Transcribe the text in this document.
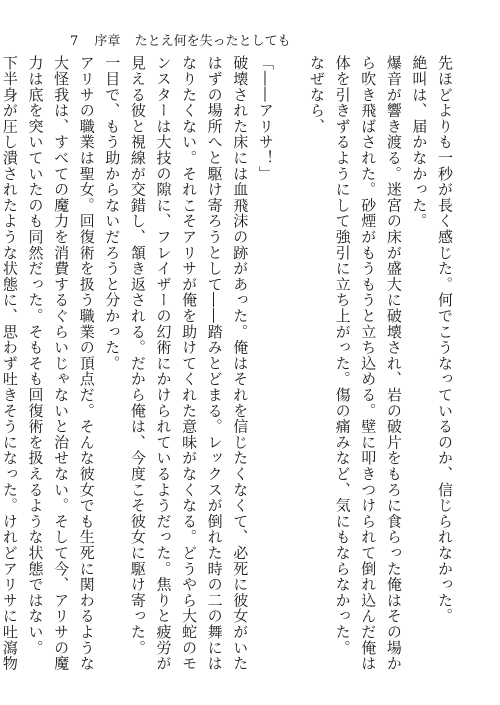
7 序章 たとえ何を失ったとしても

先ほどよりも一秒が長く感じた。何でこうなっているのか、信じられなかった。

絶叫は、届かなかった。

爆音が響き渡る。迷宮の床が盛大に破壊され、岩の破片をもろに食らった俺はその場から吹き飛ばされた。砂煙がもうもうと立ち込める。壁に叩きつけられて倒れ込んだ俺は体を引きずるようにして強引に立ち上がった。傷の痛みなど、気にもならなかった。

なぜなら、

「――アリサ！」

破壊された床には血飛沫の跡があった。俺はそれを信じたくなくて、必死に彼女がいたはずの場所へと駆け寄ろうとして――踏みとどまる。レックスが倒れた時の二の舞にはなりたくない。それこそアリサが俺を助けてくれた意味がなくなる。どうやら大蛇のモンスターは大技の隙に、フレイザーの幻術にかけられているようだった。焦りと疲労が見える彼と視線が交錯し、頷き返される。だから俺は、今度こそ彼女に駆け寄った。

一目で、もう助からないだろうと分かった。

アリサの職業は聖女。回復術を扱う職業の頂点だ。そんな彼女でも生死に関わるような大怪我は、すべての魔力を消費するぐらいじゃないと治せない。そして今、アリサの魔力は底を突いていたのも同然だった。そもそも回復術を扱えるような状態ではない。

下半身が圧し潰されたような状態に、思わず吐きそうになった。けれどアリサに吐瀉物
